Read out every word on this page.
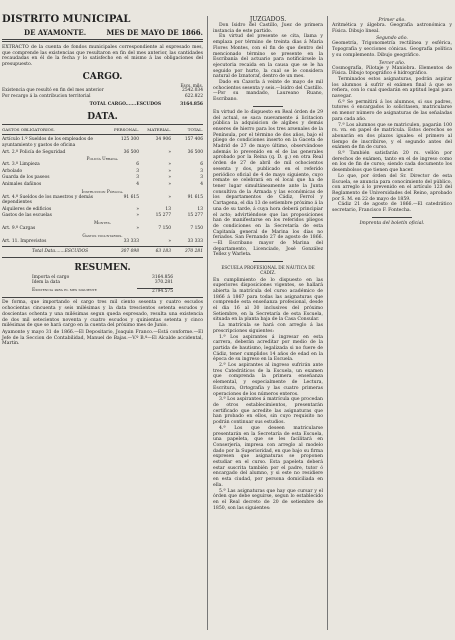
DISTRITO MUNICIPAL
DE AYAMONTE.	MES DE MAYO DE 1866.
EXTRACTO de la cuenta de fondos municipales correspondiente al expresado mes, que comprende las existencias que resultaron en fin del mes anterior, las cantidades recaudadas en él de la fecha y lo satisfecho en el mismo á las obligaciones del presupuesto.
CARGO.
Escs. mils.
Existencia que resultó en fin del mes anterior	2542.034
Por recargo á la contribucion territorial	622.822
TOTAL CARGO.......ESCUDOS	3164.856
DATA.
GASTOS OBLIGATORIOS.	PERSONAL.	MATERIAL.	TOTAL.
Artículo 1.º Sueldos de los empleados de ayuntamiento y gastos de oficina
125 300	34 906	157 406
Art. 2.º Policía de Seguridad	36 500	»	36 500
Policía Urbana.
Art. 3.º Limpieza	6	»	6
Arbolado	3	»	3
Guarda de los paseos	3	»	3
Animales dañinos	4	»	4
Instruccion Pública.
Art. 4.º Sueldos de los maestros y demás dependientes
91 615	»	91 615
Alquileres de edificios	»	13	13
Gastos de las escuelas	»	15 277	15 277
Montes.
Art. 9.º Cargas	»	7 150	7 150
Gastos voluntarios.
Art. 11. Imprevistos	33 333	»	33 333
Total Data.......ESCUDOS	307 098	63 183	370 281
RESUMEN.
Importa el cargo	3164.856
Idem la data	370.281
Existencia para el mes siguiente	2794.575
De forma, que importando el cargo tres mil ciento sesenta y cuatro escudos ochocientas cincuenta y seis milésimas y la data trescientos setenta escudos y doscientas ochenta y una milésimas segun queda espresado, resulta una existencia de dos mil setecientos noventa y cuatro escudos y quinientas setenta y cinco milésimas de que se hará cargo en la cuenta del próximo mes de Junio.
Ayamonte y mayo 31 de 1866.—El Depositario, Joaquin Franco.—Está conforme.—El Jefe de la Seccion de Contabilidad, Manuel de Bajas.—V.º B.º—El Alcalde accidental, Martin.
JUZGADOS.
Don Isidro del Castillo, Juez de primera instancia de este partido.
En virtud del presente se cita, llama y emplaza por término de treinta dias á María Flores Montes, con el fin de que dentro del mencionado término se presente en la Escribanía del actuario para notificársele la ejecutoria recaida en la causa que se le ha seguido por hurto, la cual se le considera natural de Iznatoraf, dentro de un mes.
Dado en Cazorla á veinte de mayo de mil ochocientos sesenta y seis.—Isidro del Castillo.—Por su mandado, Laureano Ruano, Escribano.
En virtud de lo dispuesto en Real órden de 29 del actual, se saca nuevamente á licitacion pública la adquisicion de algibes y demás enseres de hierro para los tres arsenales de la Península, por el término de dos años, bajo el pliego de condiciones inserto en la Gaceta de Madrid de 27 de mayo último, observándose además lo prevenido en el de las generales aprobado por la Reina (q. D. g.) en otra Real órden de 27 de abril de mil ochocientos sesenta y dos, publicado en el referido periódico oficial de 4 de mayo siguiente, cuyo remate se celebrará en el local que ha de tener lugar simultáneamente ante la Junta consultiva de la Armada y las económicas de los departamentos de Cádiz, Ferrol y Cartagena, el dia 13 de setiembre próximo á la una de su tarde, á cuya hora deberá principiar el acto; advirtiéndose que las proposiciones han de manifestarse en los referidos pliegos de condiciones en la Secretaría de esta Capitanía general de Marina los dias no feriados. San Fernando 27 de agosto de 1866.—El Escribano mayor de Marina del departamento, Licenciado, José González Tellez y Warleta.
ESCUELA PROFESIONAL DE NÁUTICA DE CÁDIZ.
En cumplimiento de lo dispuesto en las superiores disposiciones vigentes, se hallará abierta la matrícula del curso académico de 1866 á 1867 para todas las asignaturas que comprende esta enseñanza profesional, desde el dia 16 al 30 inclusives del próximo Setiembre, en la Secretaría de esta Escuela, situada en la planta baja de la Casa Consular.
La matrícula se hará con arreglo á las prescripciones siguientes:
1.ª Los aspirantes á ingresar en esta carrera, deberán acreditar por medio de la partida de bautismo, legalizada si no fuere de Cádiz, tener cumplidos 14 años de edad en la época de su ingreso en la Escuela.
2.ª Los aspirantes al ingreso sufrirán ante tres Catedráticos de la Escuela, un examen que comprenda la primera enseñanza elemental, y especialmente de Lectura, Escritura, Ortografía y las cuatro primeras operaciones de los números enteros.
3.ª Los aspirantes á matrícula que procedan de otros establecimientos, presentarán certificado que acredite las asignaturas que han probado en ellos, sin cuyo requisito no podrán continuar sus estudios.
4.ª Los que deseen matricularse presentarán en la Secretaría de esta Escuela, una papeleta, que se les facilitará en Conserjería, impresa con arreglo al modelo dado por la Superioridad, en que bajo su firma expresen que asignaturas se proponen estudiar en el curso. Esta papeleta deberá estar suscrita también por el padre, tutor ó encargado del alumno, y si este no residiere en esta ciudad, por persona domiciliada en ella.
5.ª Las asignaturas que hay que cursar y el órden que debe seguirse, segun lo establecido en el Real decreto de 20 de setiembre de 1850, son las siguientes:
Primer año.
Aritmética y álgebra. Geografía astronómica y Física. Dibujo lineal.
Segundo año.
Geometría, Trigonometría rectilínea y esférica, Topografía y secciones cónicas. Geografía política y su complemento. Dibujo geográfico.
Tercer año.
Cosmografía, Pilotaje y Maniobra. Elementos de Física. Dibujo topográfico é hidrográfico.
Terminados estos asignaturas, podrán aspirar los alumnos á sufrir el exámen final á que se refiera, con lo cual quedarán en aptitud legal para navegar.
6.ª Se permitirá á los alumnos, si sus padres, tutores ó encargados lo solicitasen, matricularse en menor número de asignaturas de las señaladas para cada año.
7.ª Los alumnos que se matriculen, pagarán 100 rs. vn. en papel de matrícula. Estos derechos se abonarán en dos plazos iguales: el primero al tiempo de inscribirse, y el segundo antes del exámen de fin de curso.
8.ª También satisfarán 20 rs. vellón por derechos de exámen, tanto en el de ingreso como en los de fin de curso; siendo cada documento los desembolsos que tienen que hacer.
Lo que, por órden del Sr. Director de esta Escuela, se anuncia para conocimiento del público, con arreglo á lo prevenido en el artículo 123 del Reglamento de Universidades del Reino, aprobado por S. M. en 22 de mayo de 1859.
Cádiz 21 de agosto de 1866.—El catedrático secretario, Francisco F. Fontecha.
Imprenta del boletín oficial.
